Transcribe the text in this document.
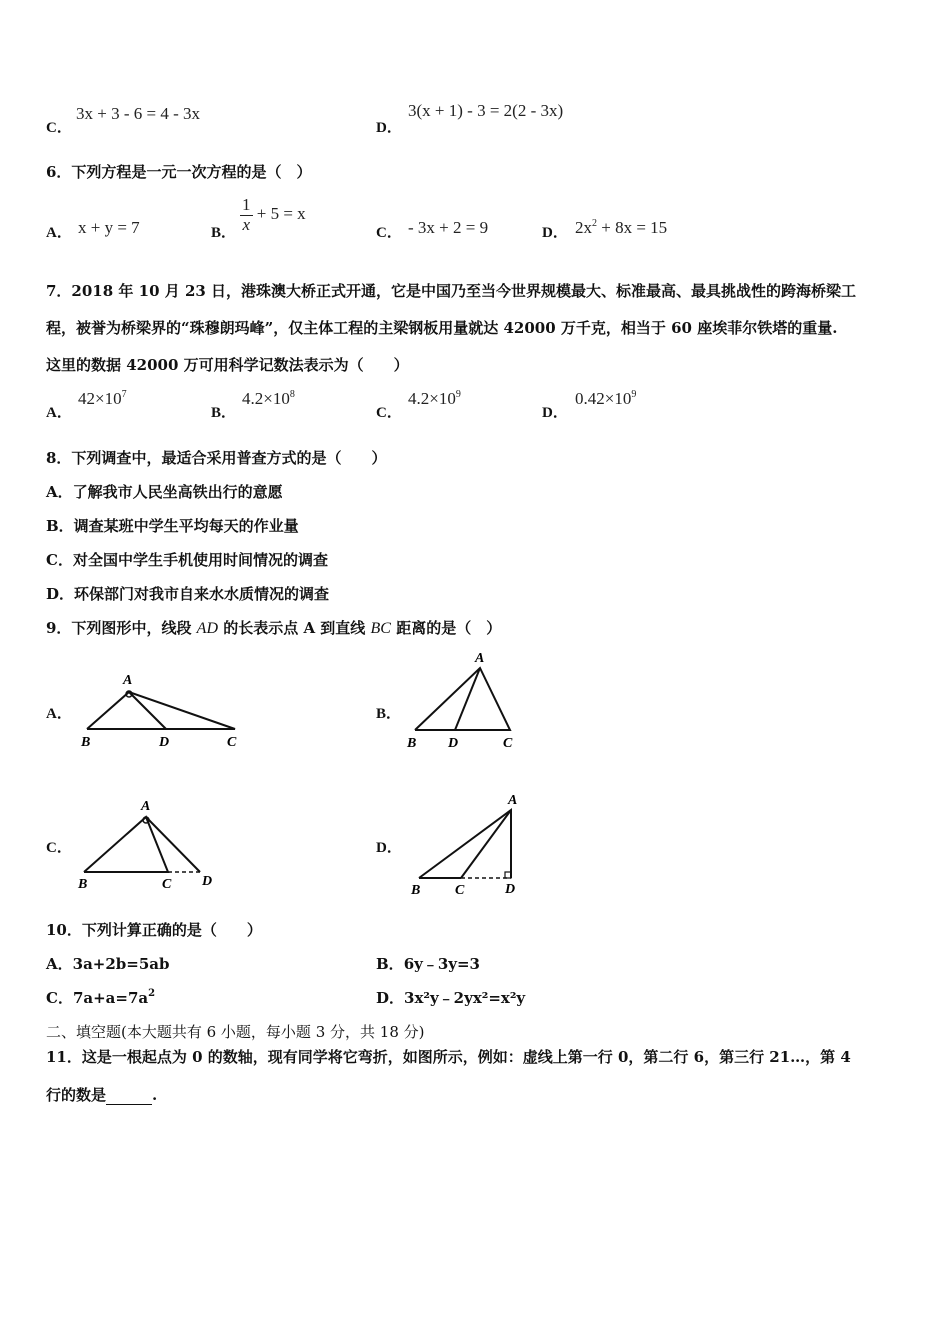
C．
3x + 3 - 6 = 4 - 3x
D．
3(x + 1) - 3 = 2(2 - 3x)
6．下列方程是一元一次方程的是（　）
A． x + y = 7	B． $\frac{1}{x} + 5 = x$
C． - 3x + 2 = 9	D． $2x^2 + 8x = 15$
7．2018 年 10 月 23 日，港珠澳大桥正式开通，它是中国乃至当今世界规模最大、标准最高、最具挑战性的跨海桥梁工
程，被誉为桥梁界的“珠穆朗玛峰”，仅主体工程的主梁钢板用量就达 42000 万千克，相当于 60 座埃菲尔铁塔的重量.
这里的数据 42000 万可用科学记数法表示为（　　）
A．
$42\times 10^7$
B．
$4.2\times 10^8$
C．
$4.2\times 10^9$
D．
$0.42\times 10^9$
8．下列调查中，最适合采用普查方式的是（　　）
A．了解我市人民坐高铁出行的意愿
B．调查某班中学生平均每天的作业量
C．对全国中学生手机使用时间情况的调查
D．环保部门对我市自来水水质情况的调查
9．下列图形中，线段 AD 的长表示点 A 到直线 BC 距离的是（　）
A．
A
B	D	C
B．
A
B D	C
C．
A
B	C D
D．
A
B C	D
10．下列计算正确的是（　　）
A．3a+2b=5ab	B．6y﹣3y=3
C．$7a+a=7a^2$	D．3x²y﹣2yx²=x²y
二、填空题(本大题共有 6 小题，每小题 3 分，共 18 分)
11．这是一根起点为 0 的数轴，现有同学将它弯折，如图所示，例如：虚线上第一行 0，第二行 6，第三行 21…，第 4
行的数是	.
